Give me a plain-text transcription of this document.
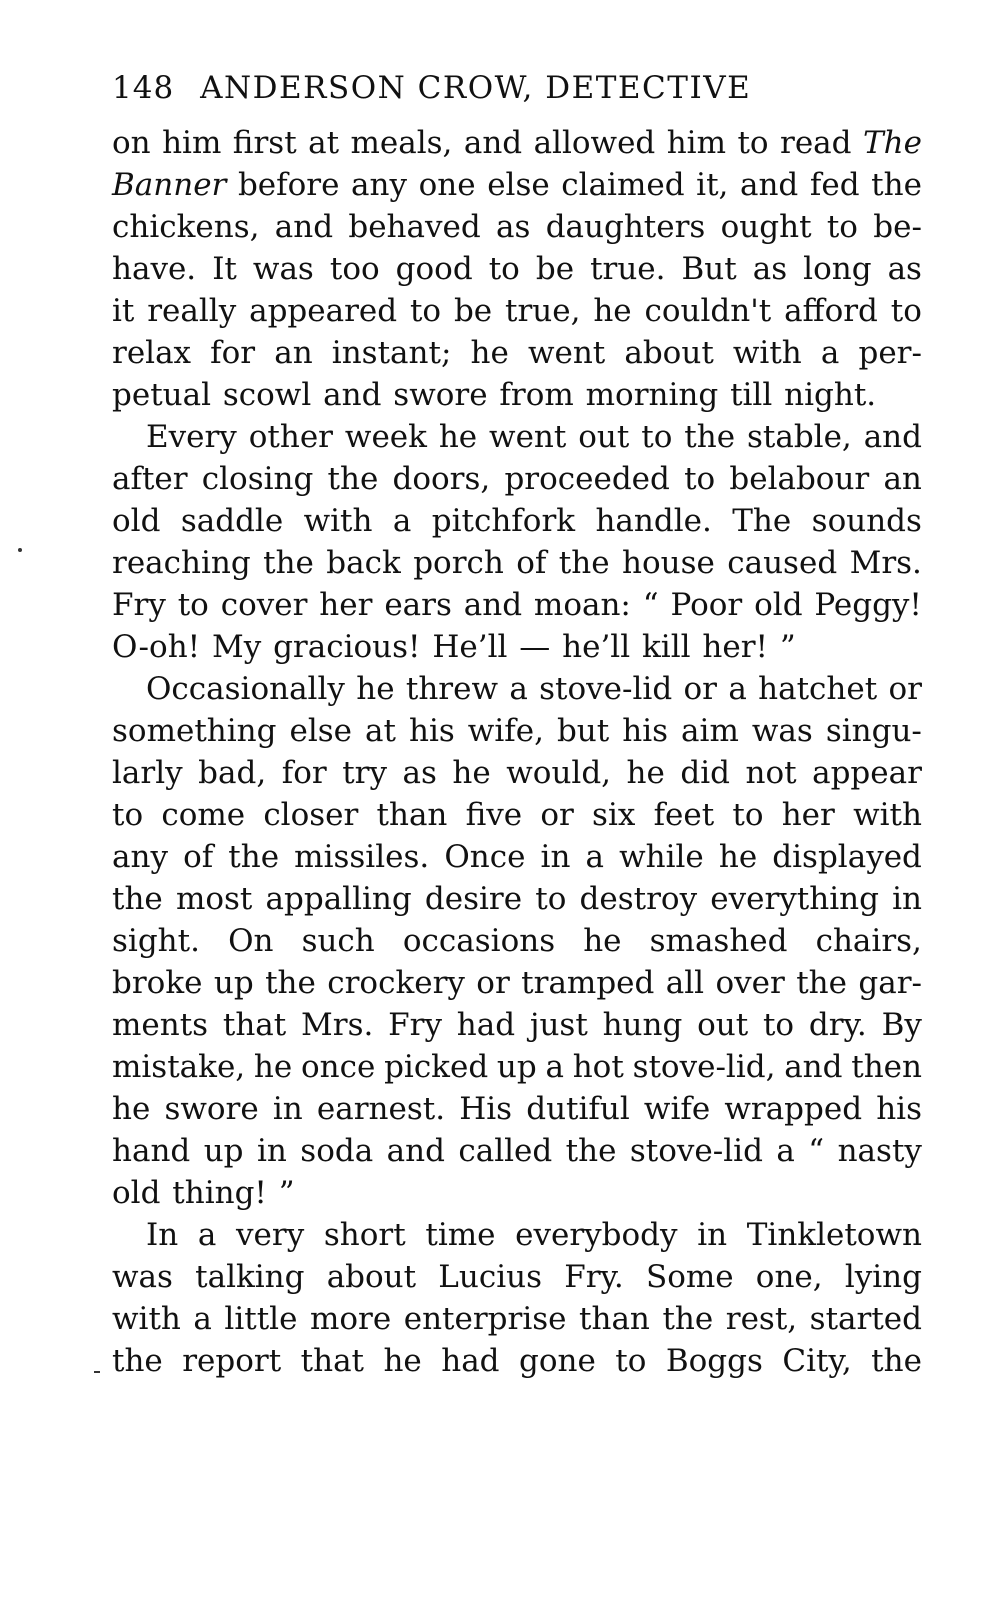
148 ANDERSON CROW, DETECTIVE
on him first at meals, and allowed him to read The
Banner before any one else claimed it, and fed the
chickens, and behaved as daughters ought to be-
have. It was too good to be true. But as long as
it really appeared to be true, he couldn't afford to
relax for an instant; he went about with a per-
petual scowl and swore from morning till night.
Every other week he went out to the stable, and
after closing the doors, proceeded to belabour an
old saddle with a pitchfork handle. The sounds
reaching the back porch of the house caused Mrs.
Fry to cover her ears and moan: “ Poor old Peggy!
O-oh! My gracious! He’ll — he’ll kill her! ”
Occasionally he threw a stove-lid or a hatchet or
something else at his wife, but his aim was singu-
larly bad, for try as he would, he did not appear
to come closer than five or six feet to her with
any of the missiles. Once in a while he displayed
the most appalling desire to destroy everything in
sight. On such occasions he smashed chairs,
broke up the crockery or tramped all over the gar-
ments that Mrs. Fry had just hung out to dry. By
mistake, he once picked up a hot stove-lid, and then
he swore in earnest. His dutiful wife wrapped his
hand up in soda and called the stove-lid a “ nasty
old thing! ”
In a very short time everybody in Tinkletown
was talking about Lucius Fry. Some one, lying
with a little more enterprise than the rest, started
the report that he had gone to Boggs City, the
